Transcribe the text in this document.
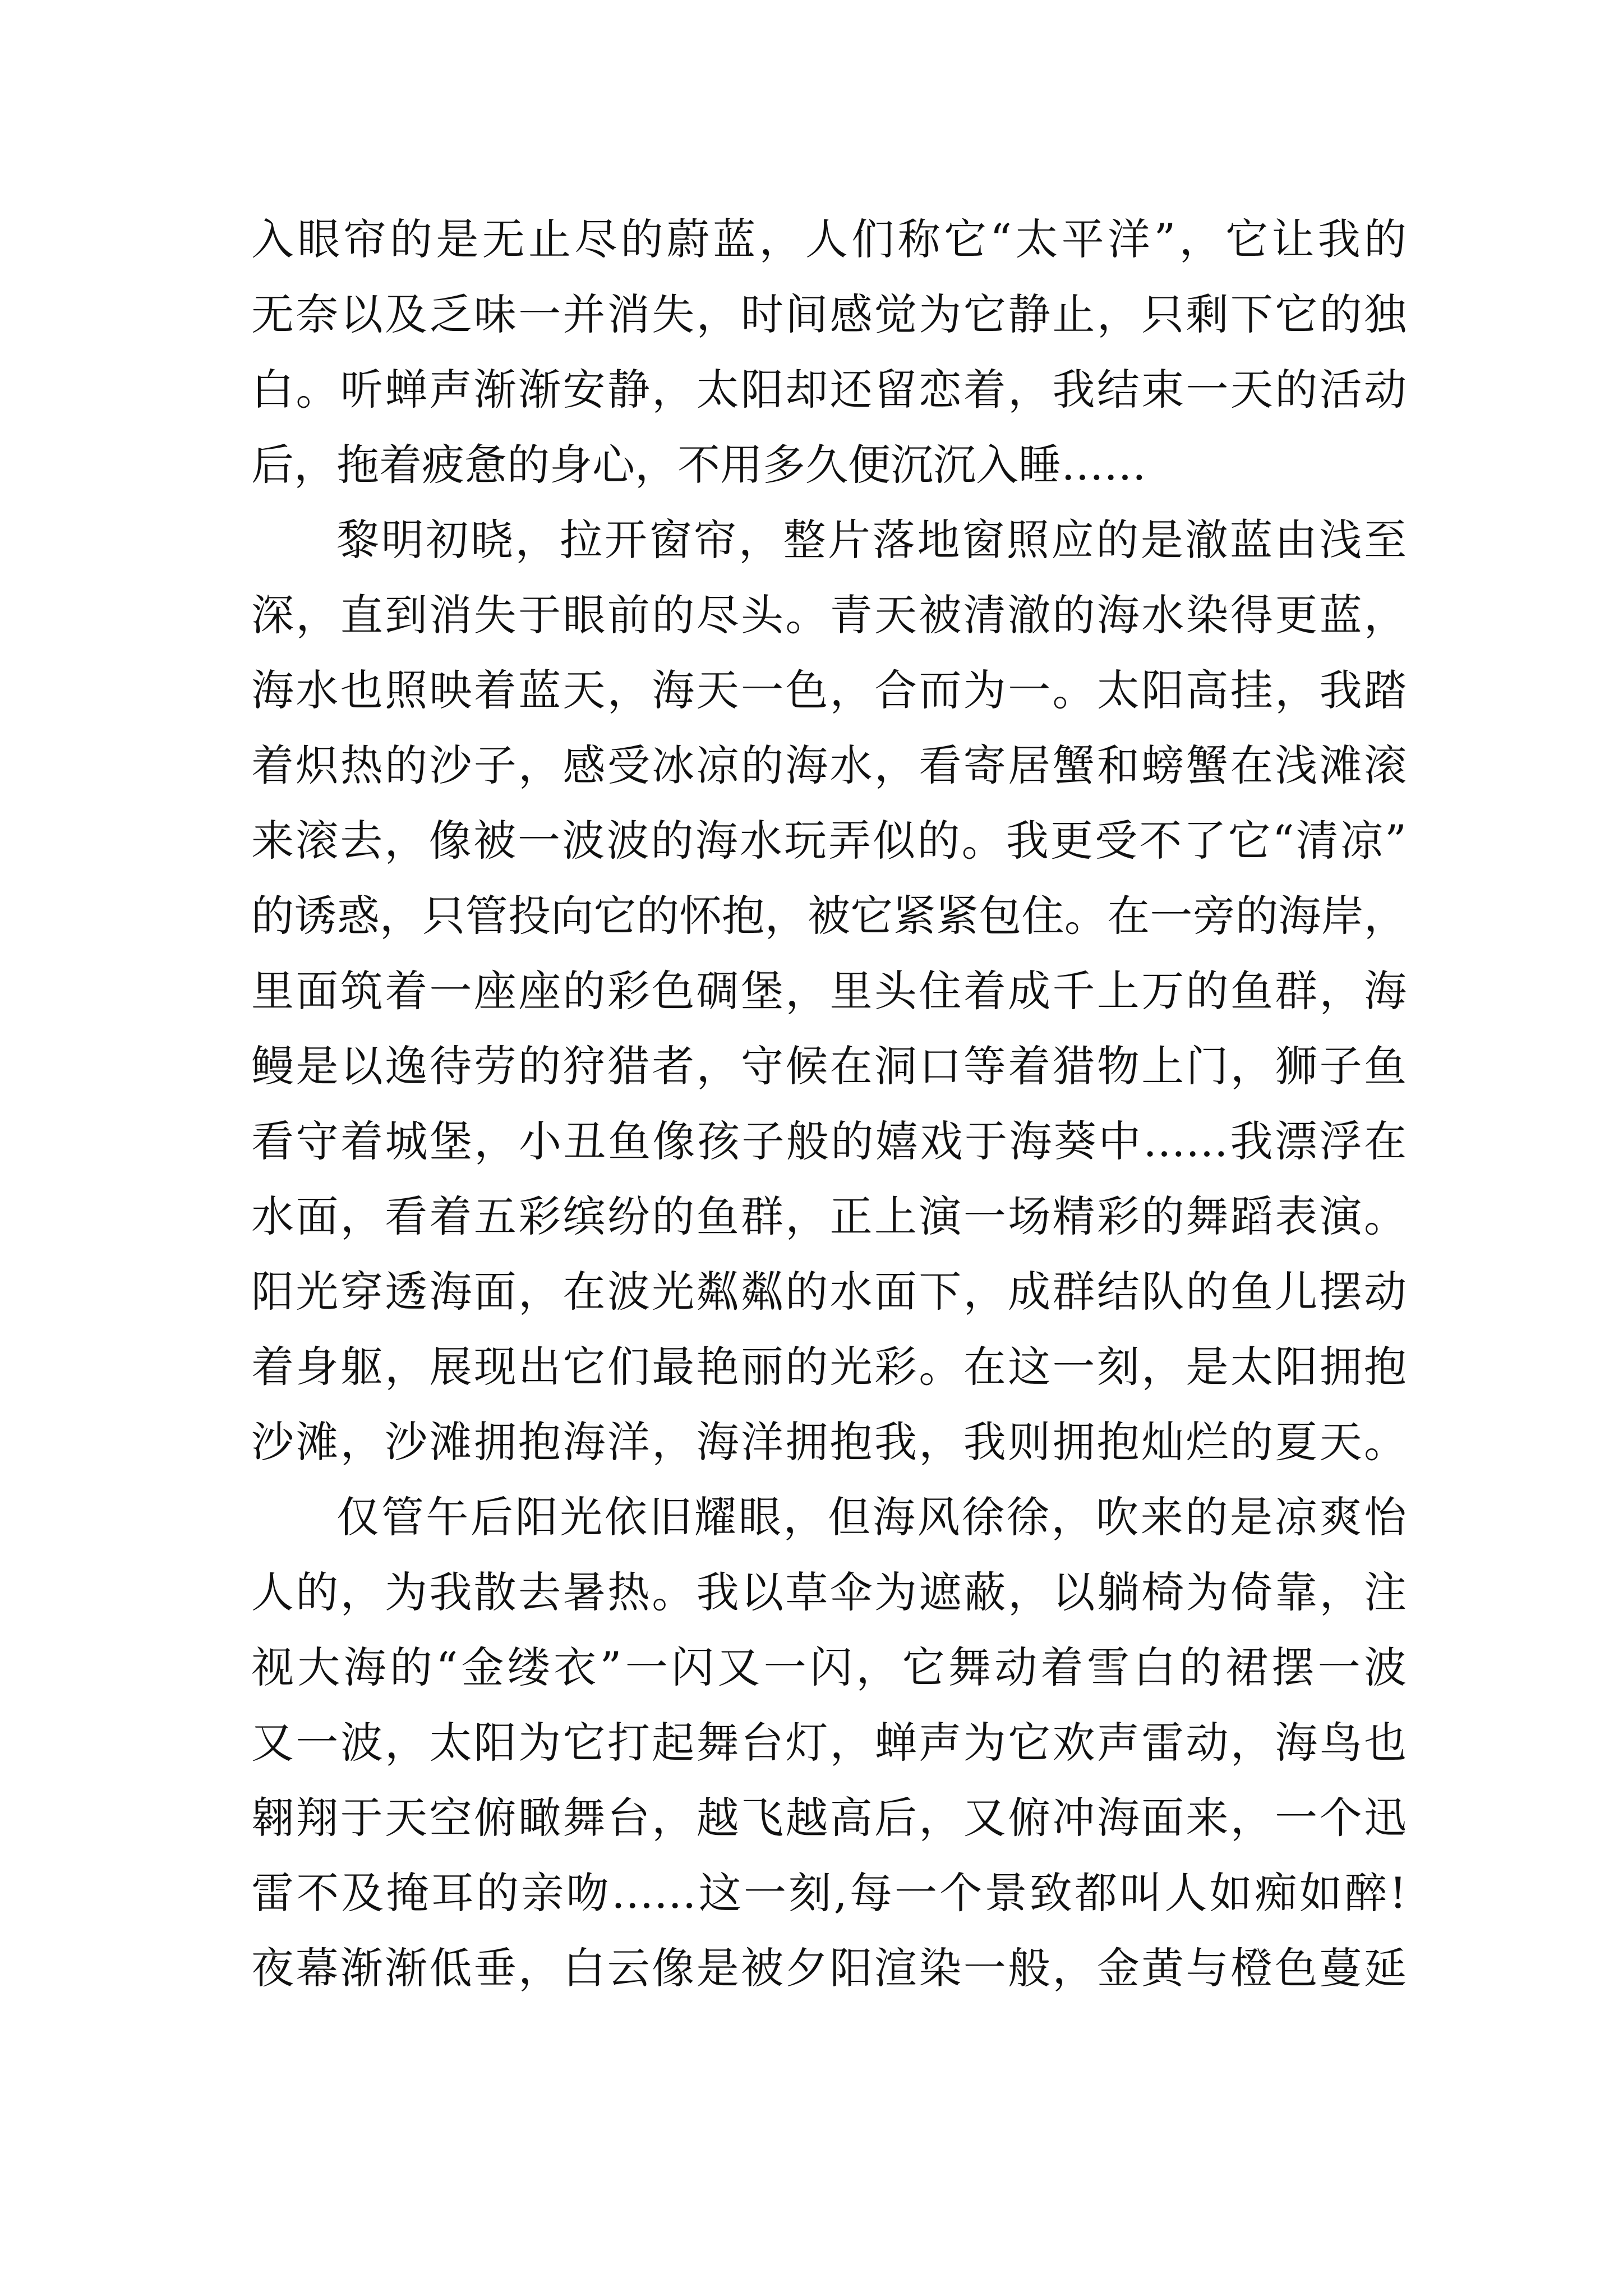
入眼帘的是无止尽的蔚蓝，人们称它“太平洋”，它让我的
无奈以及乏味一并消失，时间感觉为它静止，只剩下它的独
白。听蝉声渐渐安静，太阳却还留恋着，我结束一天的活动
后，拖着疲惫的身心，不用多久便沉沉入睡……
黎明初晓，拉开窗帘，整片落地窗照应的是澈蓝由浅至
深，直到消失于眼前的尽头。青天被清澈的海水染得更蓝，
海水也照映着蓝天，海天一色，合而为一。太阳高挂，我踏
着炽热的沙子，感受冰凉的海水，看寄居蟹和螃蟹在浅滩滚
来滚去，像被一波波的海水玩弄似的。我更受不了它“清凉”
的诱惑，只管投向它的怀抱，被它紧紧包住。在一旁的海岸，
里面筑着一座座的彩色碉堡，里头住着成千上万的鱼群，海
鳗是以逸待劳的狩猎者，守候在洞口等着猎物上门，狮子鱼
看守着城堡，小丑鱼像孩子般的嬉戏于海葵中……我漂浮在
水面，看着五彩缤纷的鱼群，正上演一场精彩的舞蹈表演。
阳光穿透海面，在波光粼粼的水面下，成群结队的鱼儿摆动
着身躯，展现出它们最艳丽的光彩。在这一刻，是太阳拥抱
沙滩，沙滩拥抱海洋，海洋拥抱我，我则拥抱灿烂的夏天。
仅管午后阳光依旧耀眼，但海风徐徐，吹来的是凉爽怡
人的，为我散去暑热。我以草伞为遮蔽，以躺椅为倚靠，注
视大海的“金缕衣”一闪又一闪，它舞动着雪白的裙摆一波
又一波，太阳为它打起舞台灯，蝉声为它欢声雷动，海鸟也
翱翔于天空俯瞰舞台，越飞越高后，又俯冲海面来，一个迅
雷不及掩耳的亲吻……这一刻,每一个景致都叫人如痴如醉!
夜幕渐渐低垂，白云像是被夕阳渲染一般，金黄与橙色蔓延
